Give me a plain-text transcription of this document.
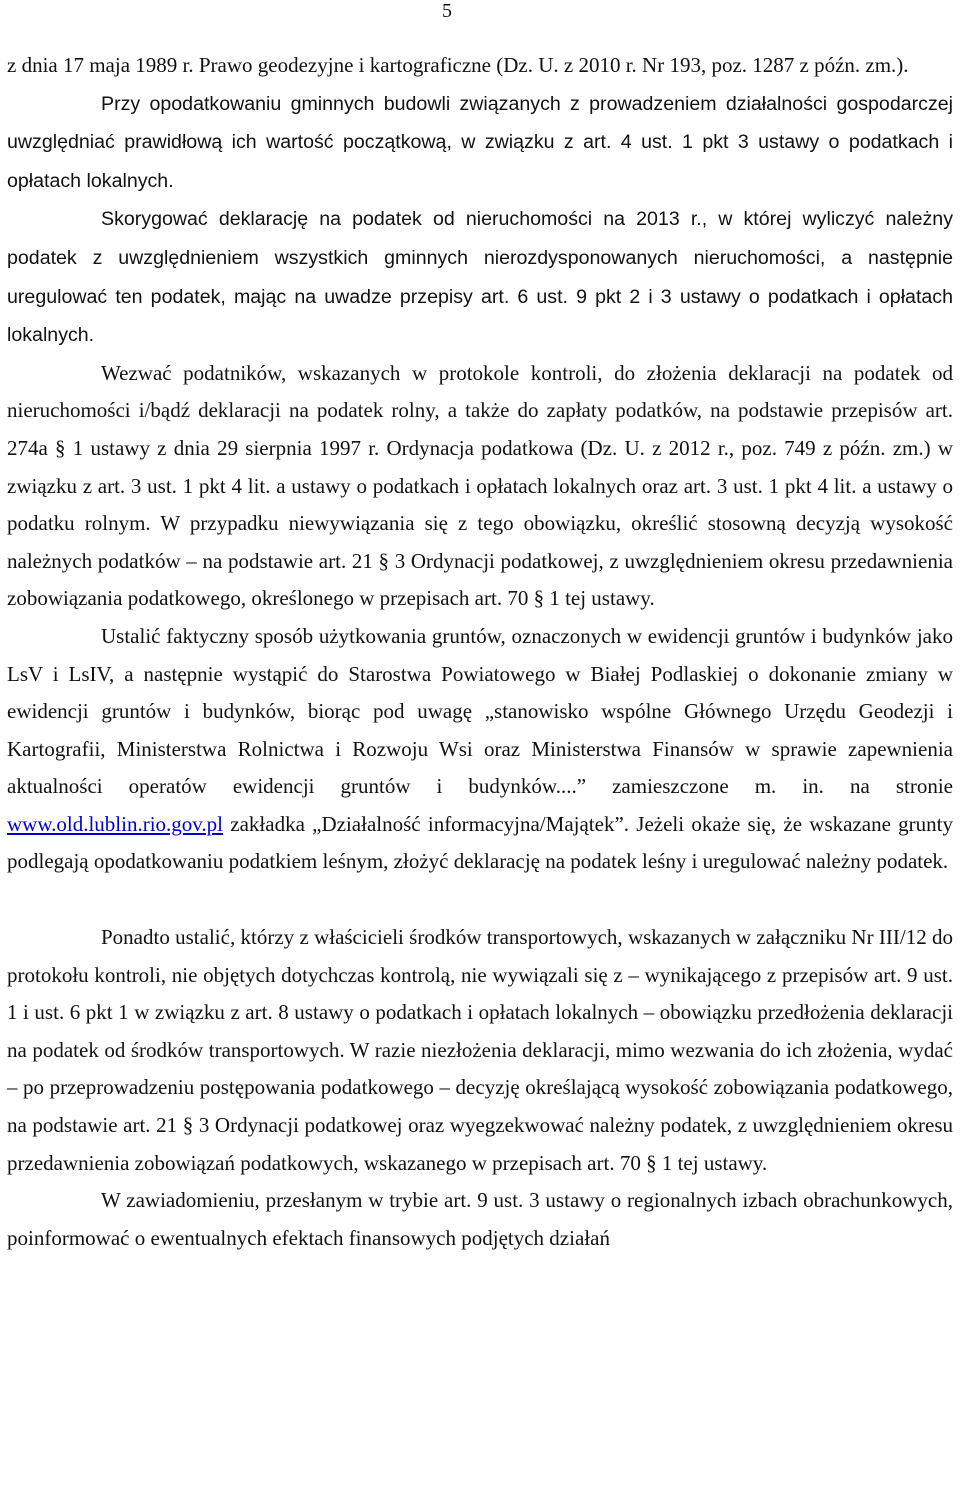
5

z dnia 17 maja 1989 r. Prawo geodezyjne i kartograficzne (Dz. U. z 2010 r. Nr 193, poz. 1287 z późn. zm.).

Przy opodatkowaniu gminnych budowli związanych z prowadzeniem działalności gospodarczej uwzględniać prawidłową ich wartość początkową, w związku z art. 4 ust. 1 pkt 3 ustawy o podatkach i opłatach lokalnych.

Skorygować deklarację na podatek od nieruchomości na 2013 r., w której wyliczyć należny podatek z uwzględnieniem wszystkich gminnych nierozdysponowanych nieruchomości, a następnie uregulować ten podatek, mając na uwadze przepisy art. 6 ust. 9 pkt 2 i 3 ustawy o podatkach i opłatach lokalnych.

Wezwać podatników, wskazanych w protokole kontroli, do złożenia deklaracji na podatek od nieruchomości i/bądź deklaracji na podatek rolny, a także do zapłaty podatków, na podstawie przepisów art. 274a § 1 ustawy z dnia 29 sierpnia 1997 r. Ordynacja podatkowa (Dz. U. z 2012 r., poz. 749 z późn. zm.) w związku z art. 3 ust. 1 pkt 4 lit. a ustawy o podatkach i opłatach lokalnych oraz art. 3 ust. 1 pkt 4 lit. a ustawy o podatku rolnym. W przypadku niewywiązania się z tego obowiązku, określić stosowną decyzją wysokość należnych podatków – na podstawie art. 21 § 3 Ordynacji podatkowej, z uwzględnieniem okresu przedawnienia zobowiązania podatkowego, określonego w przepisach art. 70 § 1 tej ustawy.

Ustalić faktyczny sposób użytkowania gruntów, oznaczonych w ewidencji gruntów i budynków jako LsV i LsIV, a następnie wystąpić do Starostwa Powiatowego w Białej Podlaskiej o dokonanie zmiany w ewidencji gruntów i budynków, biorąc pod uwagę „stanowisko wspólne Głównego Urzędu Geodezji i Kartografii, Ministerstwa Rolnictwa i Rozwoju Wsi oraz Ministerstwa Finansów w sprawie zapewnienia aktualności operatów ewidencji gruntów i budynków....” zamieszczone m. in. na stronie www.old.lublin.rio.gov.pl zakładka „Działalność informacyjna/Majątek”. Jeżeli okaże się, że wskazane grunty podlegają opodatkowaniu podatkiem leśnym, złożyć deklarację na podatek leśny i uregulować należny podatek.

Ponadto ustalić, którzy z właścicieli środków transportowych, wskazanych w załączniku Nr III/12 do protokołu kontroli, nie objętych dotychczas kontrolą, nie wywiązali się z – wynikającego z przepisów art. 9 ust. 1 i ust. 6 pkt 1 w związku z art. 8 ustawy o podatkach i opłatach lokalnych – obowiązku przedłożenia deklaracji na podatek od środków transportowych. W razie niezłożenia deklaracji, mimo wezwania do ich złożenia, wydać – po przeprowadzeniu postępowania podatkowego – decyzję określającą wysokość zobowiązania podatkowego, na podstawie art. 21 § 3 Ordynacji podatkowej oraz wyegzekwować należny podatek, z uwzględnieniem okresu przedawnienia zobowiązań podatkowych, wskazanego w przepisach art. 70 § 1 tej ustawy.

W zawiadomieniu, przesłanym w trybie art. 9 ust. 3 ustawy o regionalnych izbach obrachunkowych, poinformować o ewentualnych efektach finansowych podjętych działań
